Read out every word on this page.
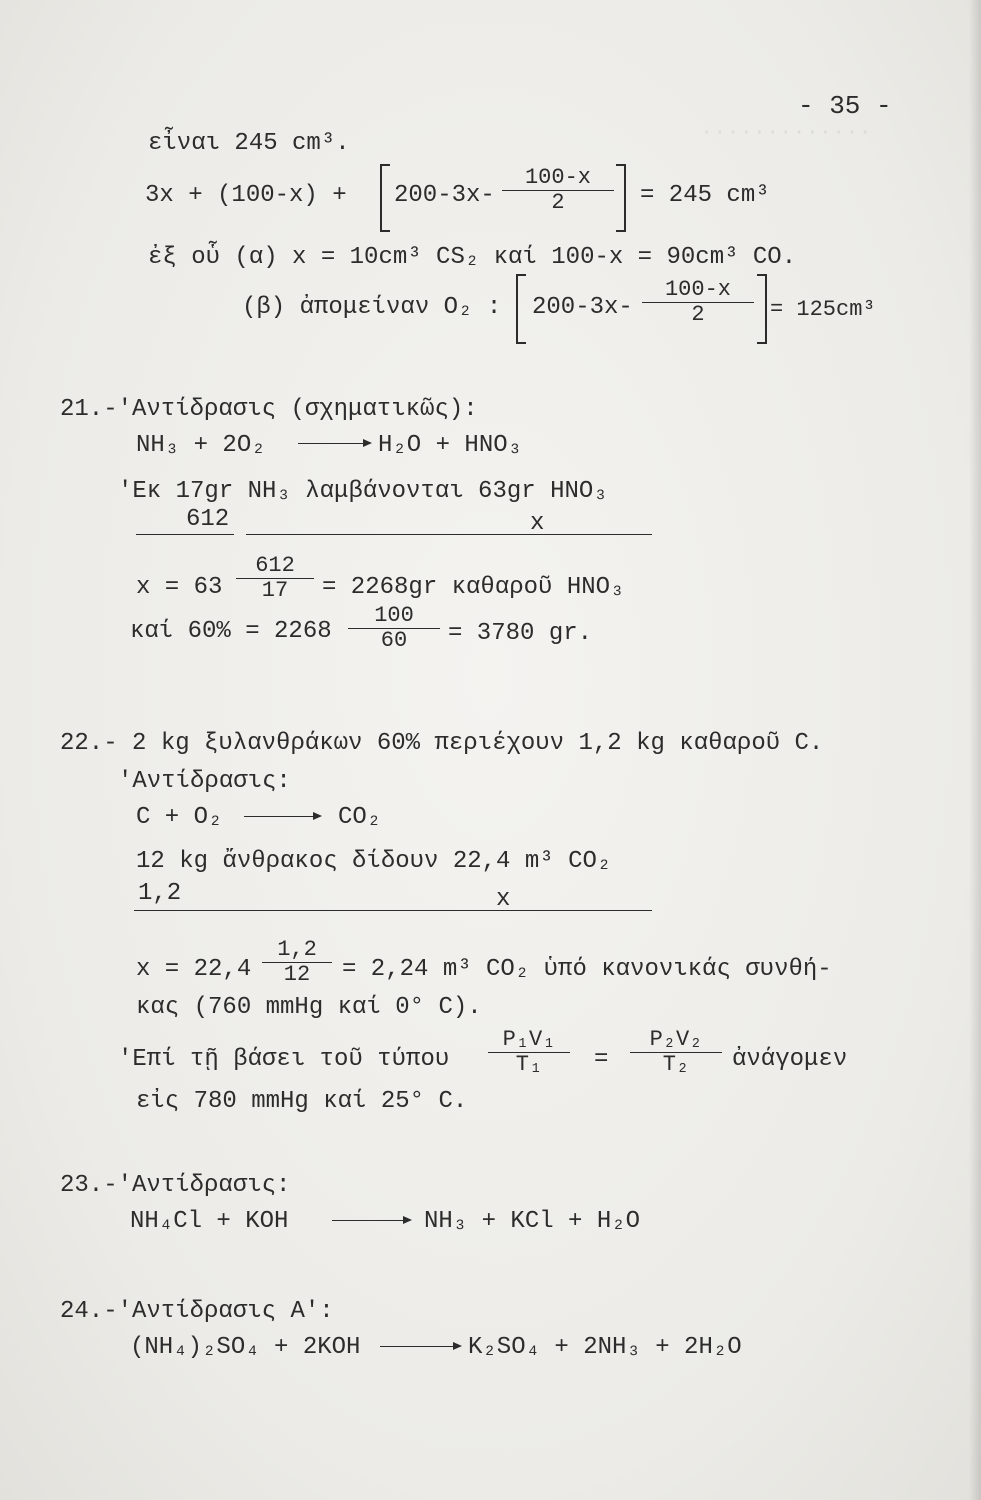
·············
- 35 -
εἶναι 245 cm³.
$3x + (100-x) + 200-3x- \frac{100-x}{2} = 245$ cm³
ἐξ οὗ (α) x = 10cm³ CS₂ καί 100-x = 90cm³ CO.
(β) ἀπομείναν O₂ : $200-3x- \frac{100-x}{2} = 125cm^3$
21.-'Αντίδρασις (σχηματικῶς):
NH₃ + 2O₂	H₂O + HNO₃
'Εκ 17gr NH₃ λαμβάνονται 63gr HNO₃
612	x
$x = 63 \frac{612}{17} = 2268gr$ καθαροῦ HNO₃
καί $60\% = 2268 \frac{100}{60} = 3780$ gr.
22.- 2 kg ξυλανθράκων 60% περιέχουν 1,2 kg καθαροῦ C.
'Αντίδρασις:
C + O₂	CO₂
12 kg ἄνθρακος δίδουν 22,4 m³ CO₂
1,2	x
$x = 22,4 \frac{1,2}{12} = 2,24$ m³ CO₂ ὑπό κανονικάς συνθή-
κας (760 mmHg καί 0° C).
'Επί τῇ βάσει τοῦ τύπου $\frac{\text{P₁V₁}}{\text{T₁}} = \frac{\text{P₂V₂}}{\text{T₂}}$ ἀνάγομεν
εἰς 780 mmHg καί 25° C.
23.-'Αντίδρασις:
NH₄Cl + KOH	NH₃ + KCl + H₂O
24.-'Αντίδρασις Α':
(NH₄)₂SO₄ + 2KOH	K₂SO₄ + 2NH₃ + 2H₂O
